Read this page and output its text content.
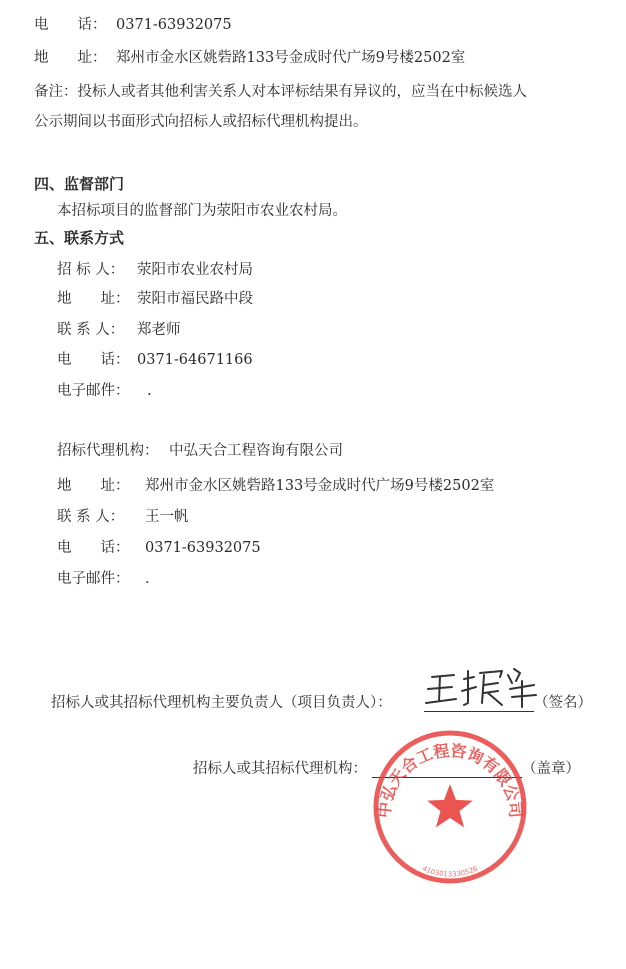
电　　话： 0371-63932075
地　　址： 郑州市金水区姚砦路133号金成时代广场9号楼2502室
备注：投标人或者其他利害关系人对本评标结果有异议的，应当在中标候选人
公示期间以书面形式向招标人或招标代理机构提出。
四、监督部门
本招标项目的监督部门为荥阳市农业农村局。
五、联系方式
招 标 人： 荥阳市农业农村局
地　　址： 荥阳市福民路中段
联 系 人： 郑老师
电　　话： 0371-64671166
电子邮件： .
招标代理机构： 中弘天合工程咨询有限公司
地　　址： 郑州市金水区姚砦路133号金成时代广场9号楼2502室
联 系 人： 王一帆
电　　话： 0371-63932075
电子邮件： .
招标人或其招标代理机构主要负责人（项目负责人）：	（签名）
招标人或其招标代理机构：	（盖章）
中弘天合工程咨询有限公司
4103013330526
